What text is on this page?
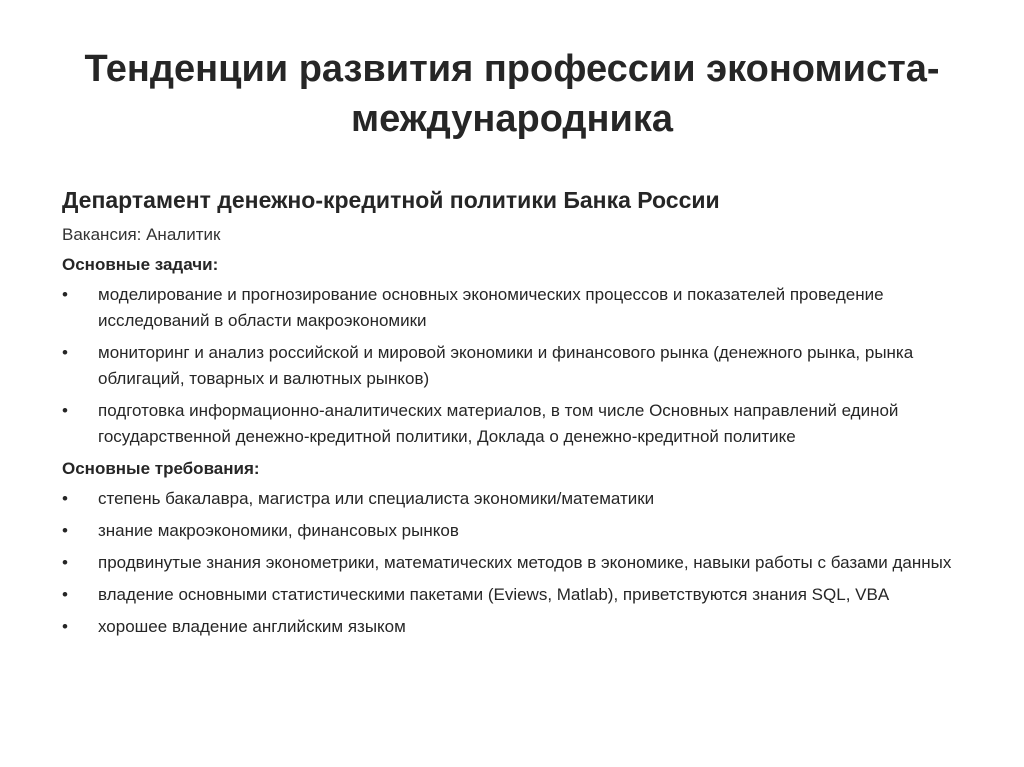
Тенденции развития профессии экономиста-международника
Департамент денежно-кредитной политики Банка России
Вакансия: Аналитик
Основные задачи:
•	моделирование и прогнозирование основных экономических процессов и показателей проведение исследований в области макроэкономики
•	мониторинг и анализ российской и мировой экономики и финансового рынка (денежного рынка, рынка облигаций, товарных и валютных рынков)
•	подготовка информационно-аналитических материалов, в том числе Основных направлений единой государственной денежно-кредитной политики, Доклада о денежно-кредитной политике
Основные требования:
•	степень бакалавра, магистра или специалиста экономики/математики
•	знание макроэкономики, финансовых рынков
•	продвинутые знания эконометрики, математических методов в экономике, навыки работы с базами данных
•	владение основными статистическими пакетами (Eviews, Matlab), приветствуются знания SQL, VBA
•	хорошее владение английским языком
